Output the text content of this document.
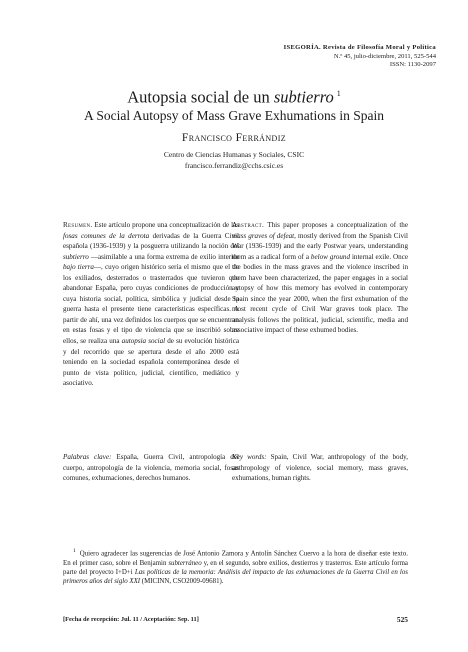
ISEGORÍA. Revista de Filosofía Moral y Política
N.º 45, julio-diciembre, 2011, 525-544
ISSN: 1130-2097
Autopsia social de un subtierro $^1$
A Social Autopsy of Mass Grave Exhumations in Spain
Francisco Ferrándiz
Centro de Ciencias Humanas y Sociales, CSIC
francisco.ferrandiz@cchs.csic.es
Resumen. Este artículo propone una conceptualización de las fosas comunes de la derrota derivadas de la Guerra Civil española (1936-1939) y la posguerra utilizando la noción del subtierro —asimilable a una forma extrema de exilio interior bajo tierra—, cuyo origen histórico sería el mismo que el de los exiliados, desterrados o trasterrados que tuvieron que abandonar España, pero cuyas condiciones de producción y cuya historia social, política, simbólica y judicial desde la guerra hasta el presente tiene características específicas. A partir de ahí, una vez definidos los cuerpos que se encuentran en estas fosas y el tipo de violencia que se inscribió sobre ellos, se realiza una autopsia social de su evolución histórica y del recorrido que se apertura desde el año 2000 está teniendo en la sociedad española contemporánea desde el punto de vista político, judicial, científico, mediático y asociativo.
Abstract. This paper proposes a conceptualization of the mass graves of defeat, mostly derived from the Spanish Civil War (1936-1939) and the early Postwar years, understanding them as a radical form of a below ground internal exile. Once the bodies in the mass graves and the violence inscribed in them have been characterized, the paper engages in a social autopsy of how this memory has evolved in contemporary Spain since the year 2000, when the first exhumation of the most recent cycle of Civil War graves took place. The analysis follows the political, judicial, scientific, media and associative impact of these exhumed bodies.
Palabras clave: España, Guerra Civil, antropología del cuerpo, antropología de la violencia, memoria social, fosas comunes, exhumaciones, derechos humanos.
Key words: Spain, Civil War, anthropology of the body, anthropology of violence, social memory, mass graves, exhumations, human rights.
$^1$ Quiero agradecer las sugerencias de José Antonio Zamora y Antolín Sánchez Cuervo a la hora de diseñar este texto. En el primer caso, sobre el Benjamin subterráneo y, en el segundo, sobre exilios, destierros y trasterros. Este artículo forma parte del proyecto I+D+i Las políticas de la memoria: Análisis del impacto de las exhumaciones de la Guerra Civil en los primeros años del siglo XXI (MICINN, CSO2009-09681).
[Fecha de recepción: Jul. 11 / Aceptación: Sep. 11]	525
